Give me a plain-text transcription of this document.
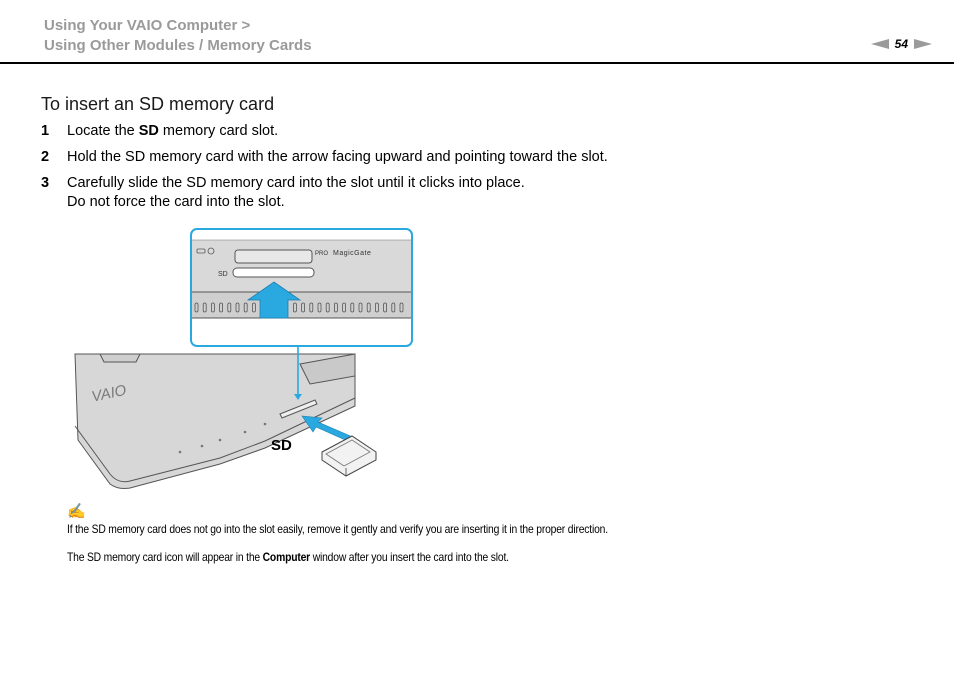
Using Your VAIO Computer >
Using Other Modules / Memory Cards	54
To insert an SD memory card
1 Locate the SD memory card slot.
2 Hold the SD memory card with the arrow facing upward and pointing toward the slot.
3 Carefully slide the SD memory card into the slot until it clicks into place.
Do not force the card into the slot.
VAIO
PRO MagicGate
SD
SD
✍

If the SD memory card does not go into the slot easily, remove it gently and verify you are inserting it in the proper direction.

The SD memory card icon will appear in the Computer window after you insert the card into the slot.
